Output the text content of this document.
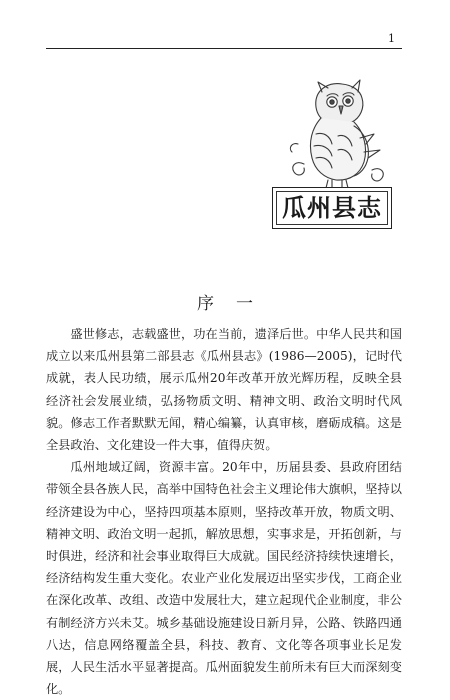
1
瓜州县志
序一

盛世修志，志载盛世，功在当前，遗泽后世。中华人民共和国成立以来瓜州县第二部县志《瓜州县志》(1986—2005)，记时代成就，表人民功绩，展示瓜州20年改革开放光辉历程，反映全县经济社会发展业绩，弘扬物质文明、精神文明、政治文明时代风貌。修志工作者默默无闻，精心编纂，认真审核，磨砺成稿。这是全县政治、文化建设一件大事，值得庆贺。

瓜州地域辽阔，资源丰富。20年中，历届县委、县政府团结带领全县各族人民，高举中国特色社会主义理论伟大旗帜，坚持以经济建设为中心，坚持四项基本原则，坚持改革开放，物质文明、精神文明、政治文明一起抓，解放思想，实事求是，开拓创新，与时俱进，经济和社会事业取得巨大成就。国民经济持续快速增长，经济结构发生重大变化。农业产业化发展迈出坚实步伐，工商企业在深化改革、改组、改造中发展壮大，建立起现代企业制度，非公有制经济方兴未艾。城乡基础设施建设日新月异，公路、铁路四通八达，信息网络覆盖全县，科技、教育、文化等各项事业长足发展，人民生活水平显著提高。瓜州面貌发生前所未有巨大而深刻变化。
